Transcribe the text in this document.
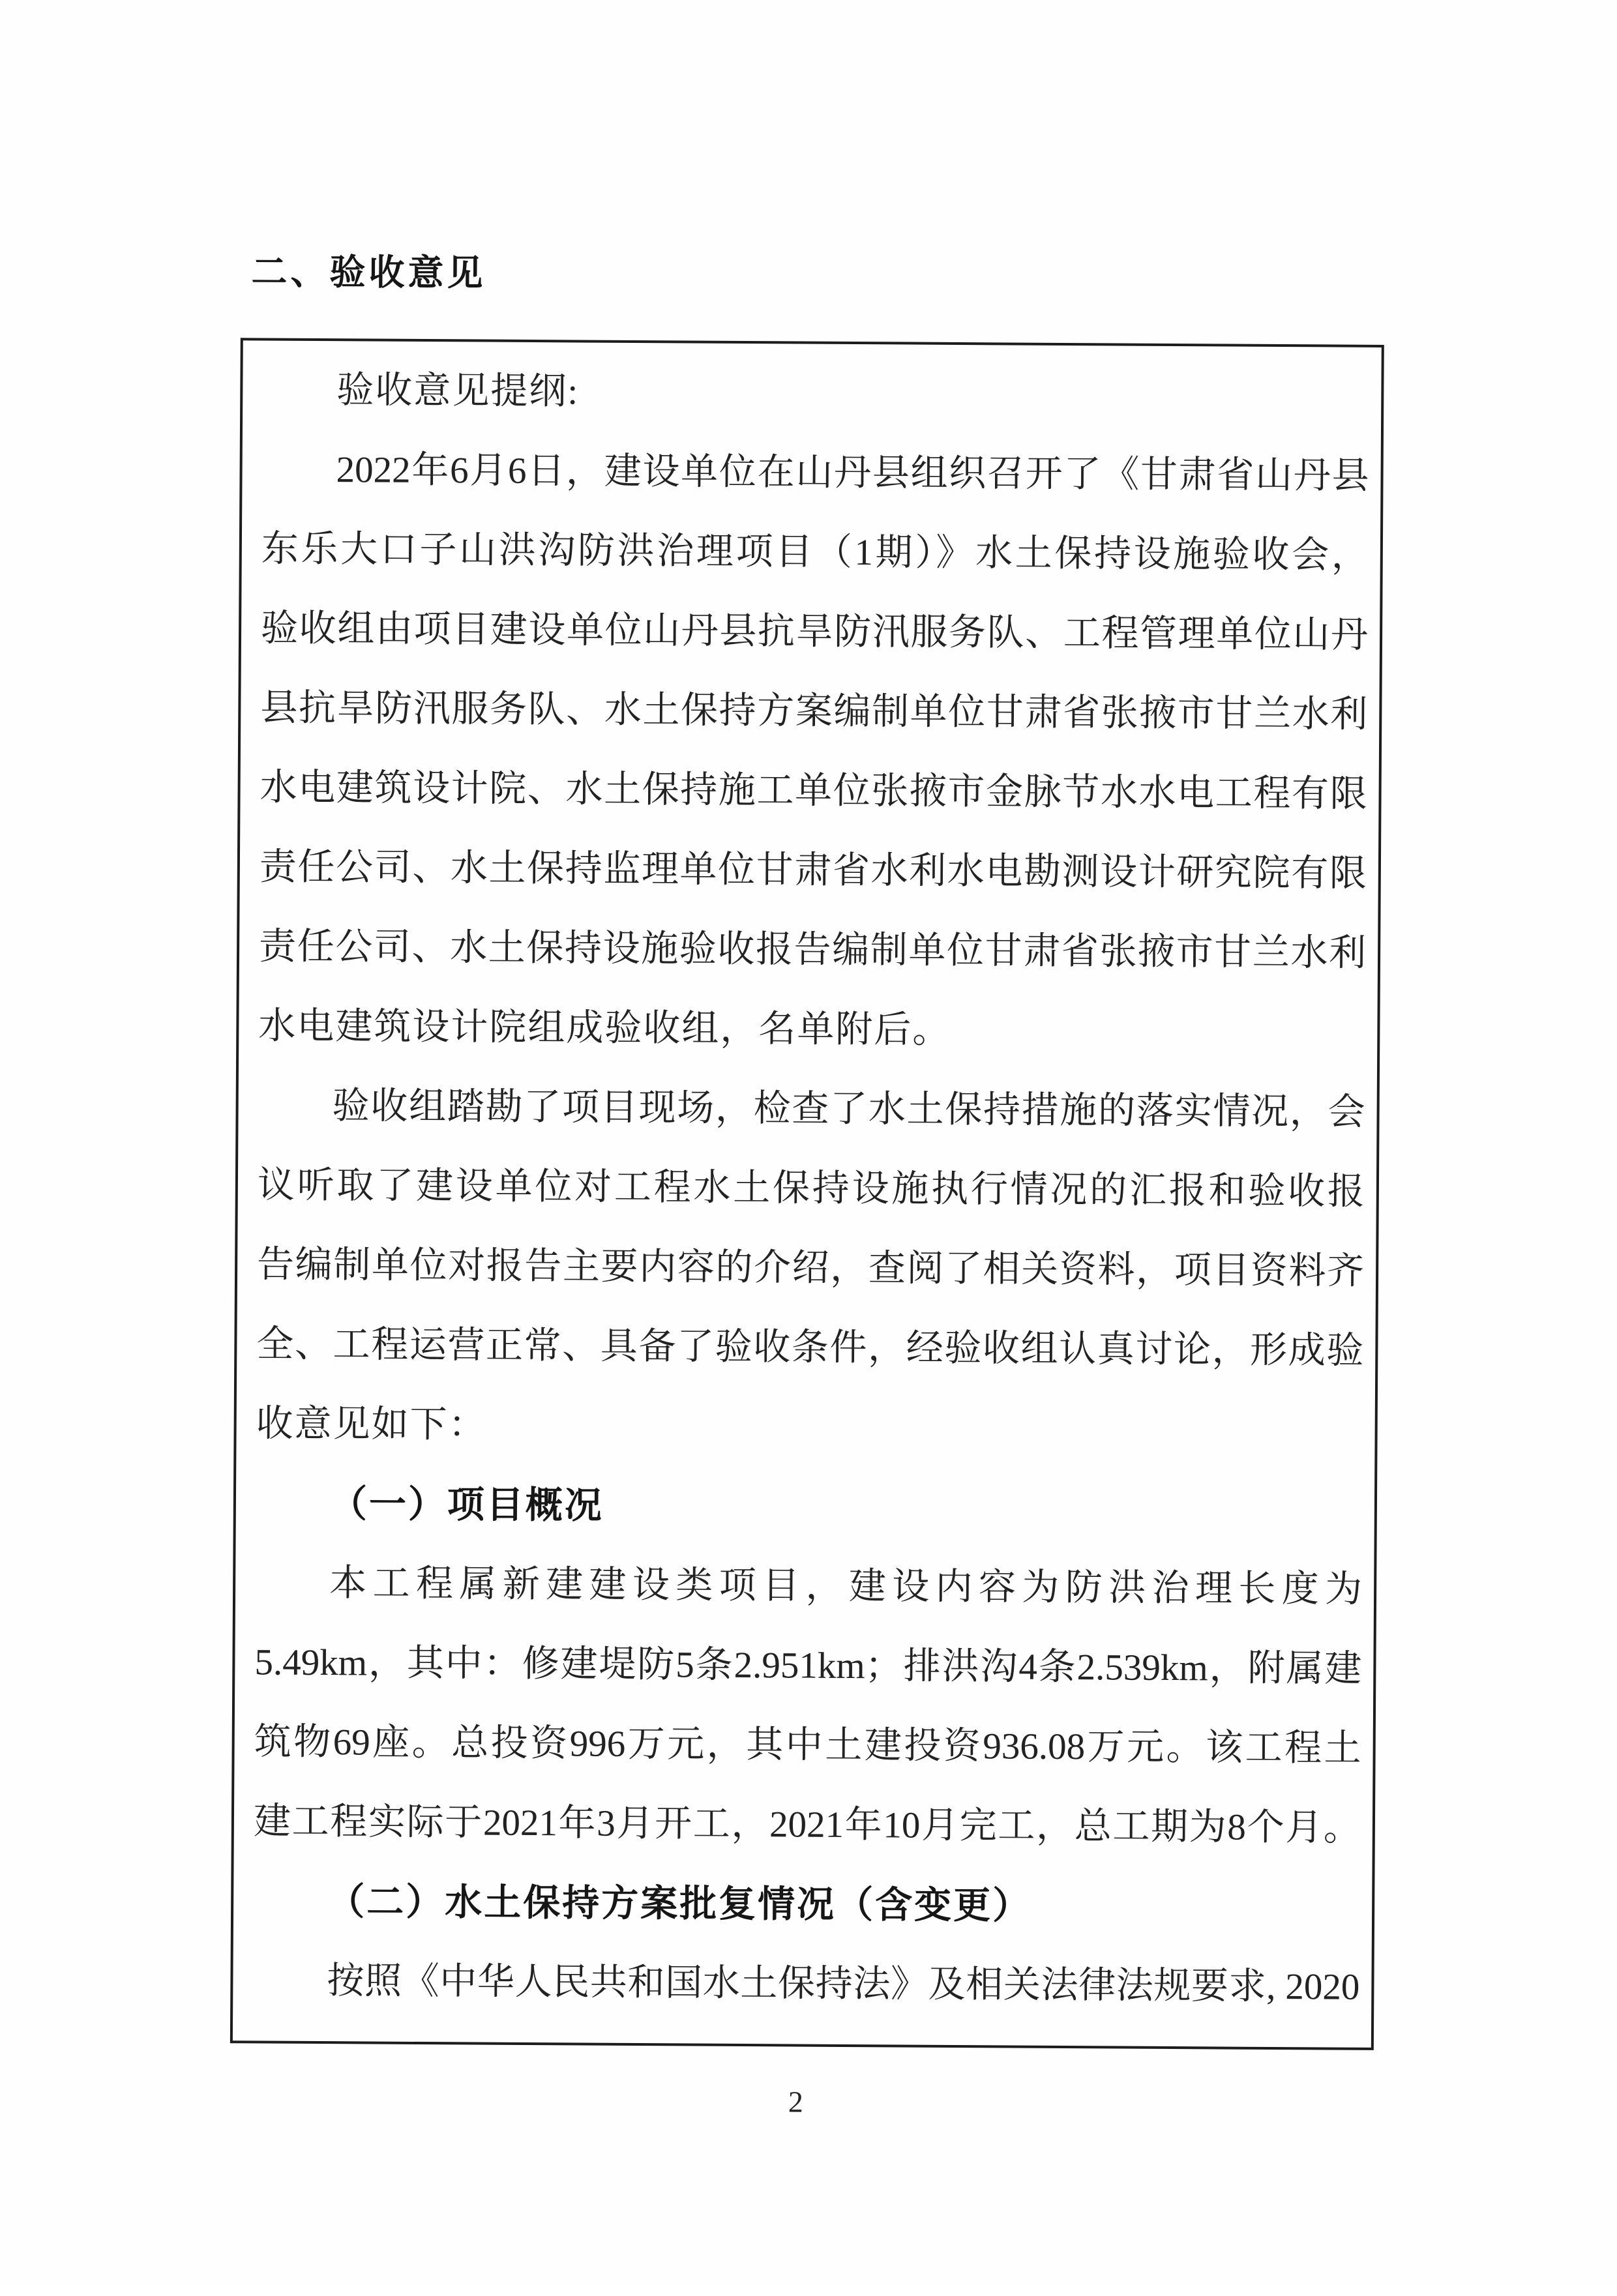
二、验收意见
验收意见提纲:
2022年6月6日，建设单位在山丹县组织召开了《甘肃省山丹县
东乐大口子山洪沟防洪治理项目（1期）》水土保持设施验收会，
验收组由项目建设单位山丹县抗旱防汛服务队、工程管理单位山丹
县抗旱防汛服务队、水土保持方案编制单位甘肃省张掖市甘兰水利
水电建筑设计院、水土保持施工单位张掖市金脉节水水电工程有限
责任公司、水土保持监理单位甘肃省水利水电勘测设计研究院有限
责任公司、水土保持设施验收报告编制单位甘肃省张掖市甘兰水利
水电建筑设计院组成验收组，名单附后。
验收组踏勘了项目现场，检查了水土保持措施的落实情况，会
议听取了建设单位对工程水土保持设施执行情况的汇报和验收报
告编制单位对报告主要内容的介绍，查阅了相关资料，项目资料齐
全、工程运营正常、具备了验收条件，经验收组认真讨论，形成验
收意见如下：
（一）项目概况
本工程属新建建设类项目，建设内容为防洪治理长度为
5.49km，其中：修建堤防5条2.951km；排洪沟4条2.539km，附属建
筑物69座。总投资996万元，其中土建投资936.08万元。该工程土
建工程实际于2021年3月开工，2021年10月完工，总工期为8个月。
（二）水土保持方案批复情况（含变更）
按照《中华人民共和国水土保持法》及相关法律法规要求, 2020
2
